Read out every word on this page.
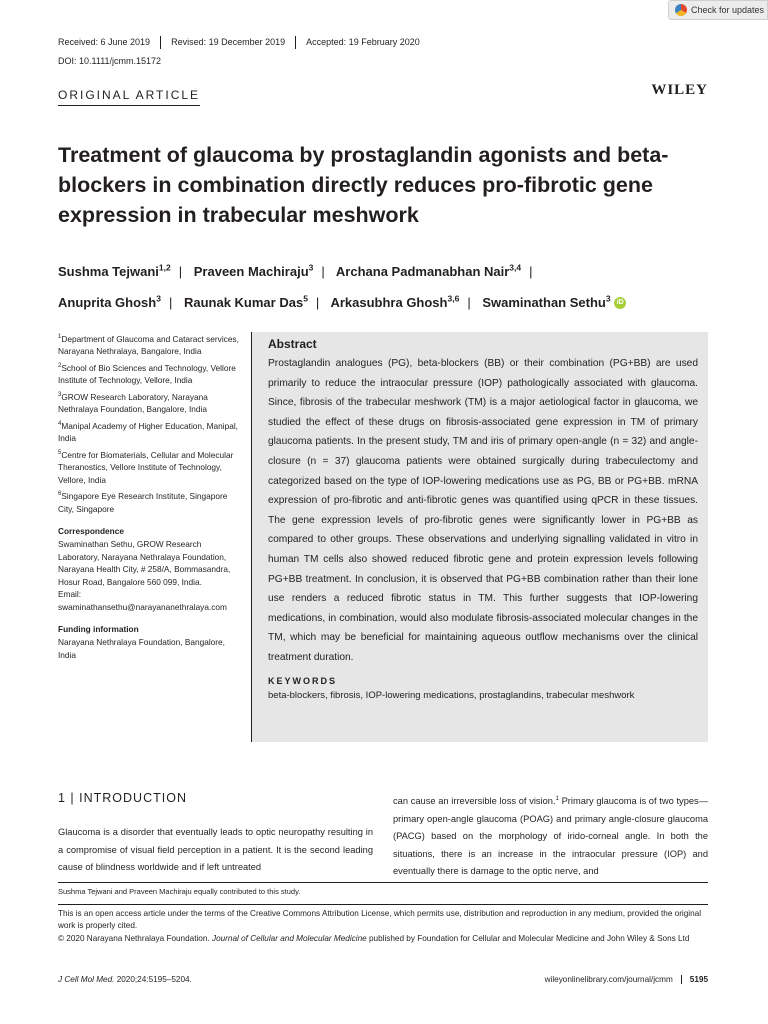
Check for updates
Received: 6 June 2019	Revised: 19 December 2019	Accepted: 19 February 2020
DOI: 10.1111/jcmm.15172
ORIGINAL ARTICLE	WILEY
Treatment of glaucoma by prostaglandin agonists and beta-blockers in combination directly reduces pro-fibrotic gene expression in trabecular meshwork
Sushma Tejwani$^{1,2}$ | Praveen Machiraju$^3$ | Archana Padmanabhan Nair$^{3,4}$ |
Anuprita Ghosh$^3$ | Raunak Kumar Das$^5$ | Arkasubhra Ghosh$^{3,6}$ | Swaminathan Sethu$^3$ iD
$^1$Department of Glaucoma and Cataract services, Narayana Nethralaya, Bangalore, India
$^2$School of Bio Sciences and Technology, Vellore Institute of Technology, Vellore, India
$^3$GROW Research Laboratory, Narayana Nethralaya Foundation, Bangalore, India
$^4$Manipal Academy of Higher Education, Manipal, India
$^5$Centre for Biomaterials, Cellular and Molecular Theranostics, Vellore Institute of Technology, Vellore, India
$^6$Singapore Eye Research Institute, Singapore City, Singapore
Correspondence
Swaminathan Sethu, GROW Research Laboratory, Narayana Nethralaya Foundation, Narayana Health City, # 258/A, Bommasandra, Hosur Road, Bangalore 560 099, India.
Email: swaminathansethu@narayananethralaya.com
Funding information
Narayana Nethralaya Foundation, Bangalore, India
Abstract
Prostaglandin analogues (PG), beta-blockers (BB) or their combination (PG+BB) are used primarily to reduce the intraocular pressure (IOP) pathologically associated with glaucoma. Since, fibrosis of the trabecular meshwork (TM) is a major aetiological factor in glaucoma, we studied the effect of these drugs on fibrosis-associated gene expression in TM of primary glaucoma patients. In the present study, TM and iris of primary open-angle (n = 32) and angle-closure (n = 37) glaucoma patients were obtained surgically during trabeculectomy and categorized based on the type of IOP-lowering medications use as PG, BB or PG+BB. mRNA expression of pro-fibrotic and anti-fibrotic genes was quantified using qPCR in these tissues. The gene expression levels of pro-fibrotic genes were significantly lower in PG+BB as compared to other groups. These observations and underlying signalling validated in vitro in human TM cells also showed reduced fibrotic gene and protein expression levels following PG+BB treatment. In conclusion, it is observed that PG+BB combination rather than their lone use renders a reduced fibrotic status in TM. This further suggests that IOP-lowering medications, in combination, would also modulate fibrosis-associated molecular changes in the TM, which may be beneficial for maintaining aqueous outflow mechanisms over the clinical treatment duration.
KEYWORDS
beta-blockers, fibrosis, IOP-lowering medications, prostaglandins, trabecular meshwork
1 | INTRODUCTION
Glaucoma is a disorder that eventually leads to optic neuropathy resulting in a compromise of visual field perception in a patient. It is the second leading cause of blindness worldwide and if left untreated
can cause an irreversible loss of vision.$^1$ Primary glaucoma is of two types—primary open-angle glaucoma (POAG) and primary angle-closure glaucoma (PACG) based on the morphology of irido-corneal angle. In both the situations, there is an increase in the intraocular pressure (IOP) and eventually there is damage to the optic nerve, and
Sushma Tejwani and Praveen Machiraju equally contributed to this study.
This is an open access article under the terms of the Creative Commons Attribution License, which permits use, distribution and reproduction in any medium, provided the original work is properly cited.
© 2020 Narayana Nethralaya Foundation. Journal of Cellular and Molecular Medicine published by Foundation for Cellular and Molecular Medicine and John Wiley & Sons Ltd
J Cell Mol Med. 2020;24:5195–5204.	wileyonlinelibrary.com/journal/jcmm	5195
